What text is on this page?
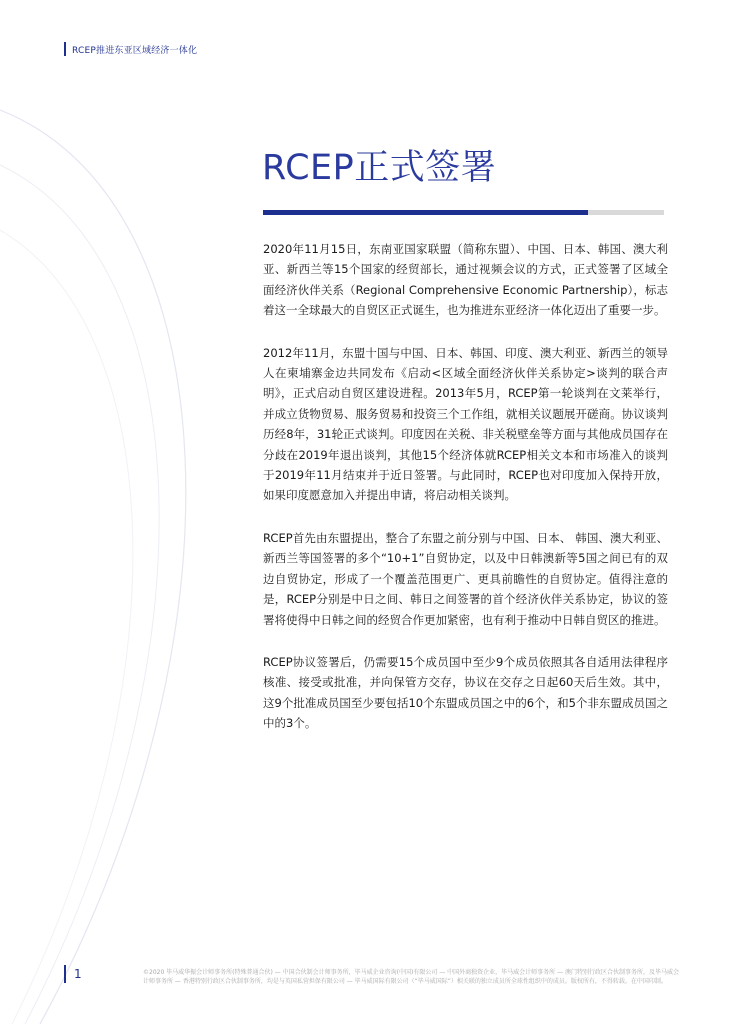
RCEP推进东亚区域经济一体化
RCEP正式签署

2020年11月15日，东南亚国家联盟（简称东盟）、中国、日本、韩国、澳大利亚、新西兰等15个国家的经贸部长，通过视频会议的方式，正式签署了区域全面经济伙伴关系（Regional Comprehensive Economic Partnership），标志着这一全球最大的自贸区正式诞生，也为推进东亚经济一体化迈出了重要一步。

2012年11月，东盟十国与中国、日本、韩国、印度、澳大利亚、新西兰的领导人在柬埔寨金边共同发布《启动<区域全面经济伙伴关系协定>谈判的联合声明》，正式启动自贸区建设进程。2013年5月，RCEP第一轮谈判在文莱举行，并成立货物贸易、服务贸易和投资三个工作组，就相关议题展开磋商。协议谈判历经8年，31轮正式谈判。印度因在关税、非关税壁垒等方面与其他成员国存在分歧在2019年退出谈判，其他15个经济体就RCEP相关文本和市场准入的谈判于2019年11月结束并于近日签署。与此同时，RCEP也对印度加入保持开放，如果印度愿意加入并提出申请，将启动相关谈判。

RCEP首先由东盟提出，整合了东盟之前分别与中国、日本、 韩国、澳大利亚、新西兰等国签署的多个“10+1”自贸协定，以及中日韩澳新等5国之间已有的双边自贸协定，形成了一个覆盖范围更广、更具前瞻性的自贸协定。值得注意的是，RCEP分别是中日之间、韩日之间签署的首个经济伙伴关系协定，协议的签署将使得中日韩之间的经贸合作更加紧密，也有利于推动中日韩自贸区的推进。

RCEP协议签署后，仍需要15个成员国中至少9个成员依照其各自适用法律程序核准、接受或批准，并向保管方交存，协议在交存之日起60天后生效。其中，这9个批准成员国至少要包括10个东盟成员国之中的6个，和5个非东盟成员国之中的3个。

1	©2020 毕马威华振会计师事务所(特殊普通合伙) — 中国合伙制会计师事务所，毕马威企业咨询(中国)有限公司 — 中国外商独资企业，毕马威会计师事务所 — 澳门特别行政区合伙制事务所，及毕马威会计师事务所 — 香港特别行政区合伙制事务所，均是与英国私营担保有限公司 — 毕马威国际有限公司（“毕马威国际”）相关联的独立成员所全球性组织中的成员。版权所有，不得转载。在中国印制。
